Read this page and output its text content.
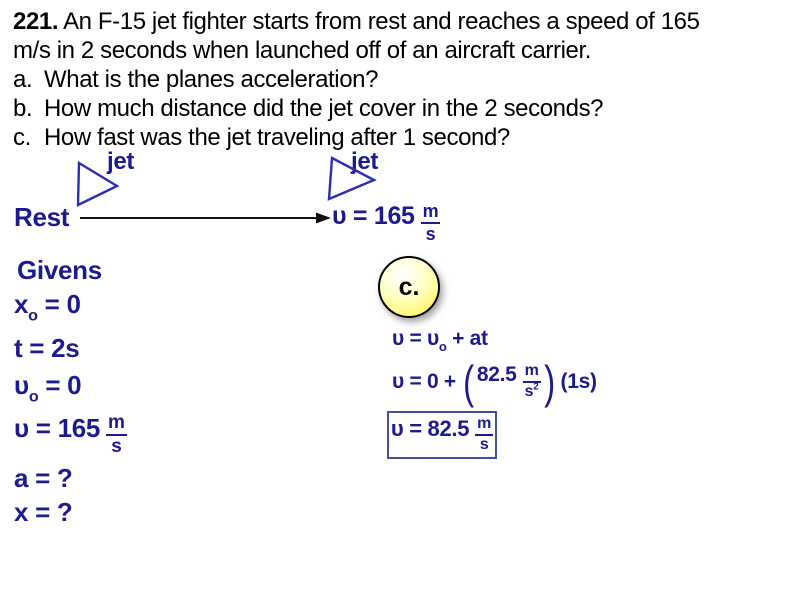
221. An F-15 jet fighter starts from rest and reaches a speed of 165
m/s in 2 seconds when launched off of an aircraft carrier.
a. What is the planes acceleration?
b. How much distance did the jet cover in the 2 seconds?
c. How fast was the jet traveling after 1 second?
jet	jet
Rest	$\upsilon = 165 \frac{m}{s}$
Givens
$x_o = 0$
t = 2s
$\upsilon_o = 0$
$\upsilon = 165 \frac{m}{s}$
a = ?
x = ?
c.
$\upsilon = \upsilon_o$ + at
υ = 0 + ( $82.5 \frac{m}{s^2}$ ) (1s)
$\upsilon = 82.5 \frac{m}{s}$
